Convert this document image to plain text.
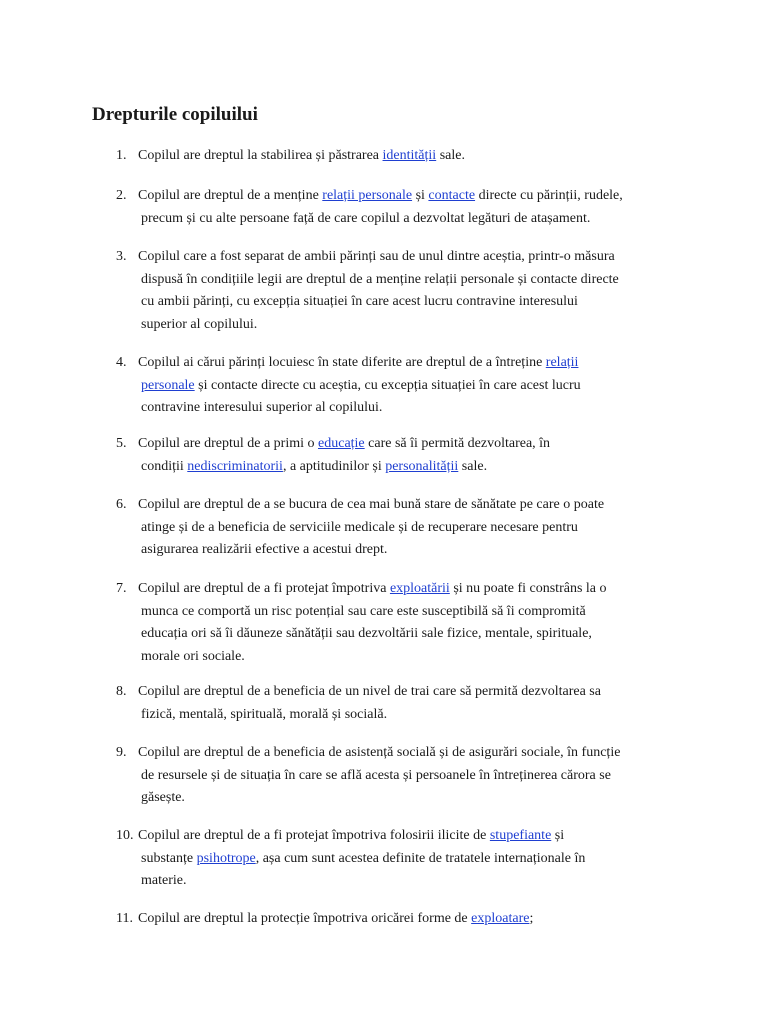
Drepturile copiluilui
1. Copilul are dreptul la stabilirea și păstrarea identității sale.
2. Copilul are dreptul de a menține relații personale și contacte directe cu părinții, rudele,
precum și cu alte persoane față de care copilul a dezvoltat legături de atașament.
3. Copilul care a fost separat de ambii părinți sau de unul dintre aceștia, printr-o măsura
dispusă în condițiile legii are dreptul de a menține relații personale și contacte directe
cu ambii părinți, cu excepția situației în care acest lucru contravine interesului
superior al copilului.
4. Copilul ai cărui părinți locuiesc în state diferite are dreptul de a întreține relații
personale și contacte directe cu aceștia, cu excepția situației în care acest lucru
contravine interesului superior al copilului.
5. Copilul are dreptul de a primi o educație care să îi permită dezvoltarea, în
condiții nediscriminatorii, a aptitudinilor și personalității sale.
6. Copilul are dreptul de a se bucura de cea mai bună stare de sănătate pe care o poate
atinge și de a beneficia de serviciile medicale și de recuperare necesare pentru
asigurarea realizării efective a acestui drept.
7. Copilul are dreptul de a fi protejat împotriva exploatării și nu poate fi constrâns la o
munca ce comportă un risc potențial sau care este susceptibilă să îi compromită
educația ori să îi dăuneze sănătății sau dezvoltării sale fizice, mentale, spirituale,
morale ori sociale.
8. Copilul are dreptul de a beneficia de un nivel de trai care să permită dezvoltarea sa
fizică, mentală, spirituală, morală și socială.
9. Copilul are dreptul de a beneficia de asistență socială și de asigurări sociale, în funcție
de resursele și de situația în care se află acesta și persoanele în întreținerea cărora se
găsește.
10. Copilul are dreptul de a fi protejat împotriva folosirii ilicite de stupefiante și
substanțe psihotrope, așa cum sunt acestea definite de tratatele internaționale în
materie.
11. Copilul are dreptul la protecție împotriva oricărei forme de exploatare;
